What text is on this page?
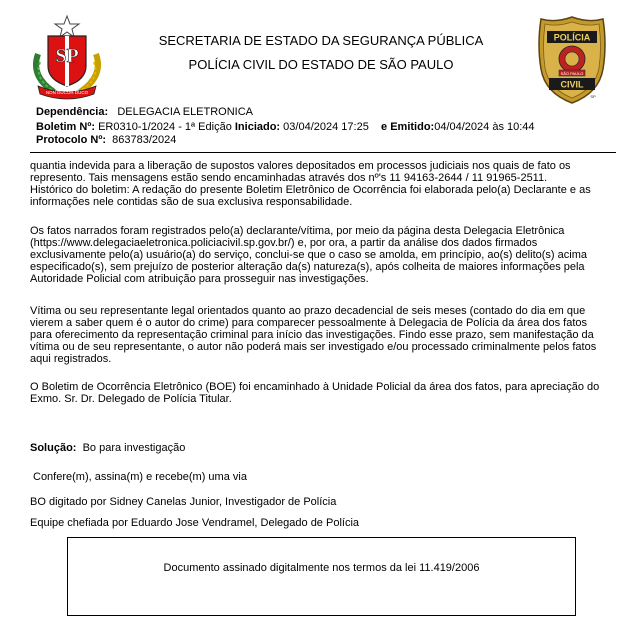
SP
NON DUCOR DUCO
SECRETARIA DE ESTADO DA SEGURANÇA PÚBLICA
POLÍCIA CIVIL DO ESTADO DE SÃO PAULO
POLÍCIA
SÃO PAULO
CIVIL
SP
Dependência: DELEGACIA ELETRONICA
Boletim Nº: ER0310-1/2024 - 1ª Edição Iniciado: 03/04/2024 17:25 e Emitido:04/04/2024 às 10:44
Protocolo Nº: 863783/2024
quantia indevida para a liberação de supostos valores depositados em processos judiciais nos quais de fato os
represento. Tais mensagens estão sendo encaminhadas através dos nº's 11 94163-2644 / 11 91965-2511.
Histórico do boletim: A redação do presente Boletim Eletrônico de Ocorrência foi elaborada pelo(a) Declarante e as
informações nele contidas são de sua exclusiva responsabilidade.
Os fatos narrados foram registrados pelo(a) declarante/vítima, por meio da página desta Delegacia Eletrônica
(https://www.delegaciaeletronica.policiacivil.sp.gov.br/) e, por ora, a partir da análise dos dados firmados
exclusivamente pelo(a) usuário(a) do serviço, conclui-se que o caso se amolda, em princípio, ao(s) delito(s) acima
especificado(s), sem prejuízo de posterior alteração da(s) natureza(s), após colheita de maiores informações pela
Autoridade Policial com atribuição para prosseguir nas investigações.
Vítima ou seu representante legal orientados quanto ao prazo decadencial de seis meses (contado do dia em que
vierem a saber quem é o autor do crime) para comparecer pessoalmente à Delegacia de Polícia da área dos fatos
para oferecimento da representação criminal para início das investigações. Findo esse prazo, sem manifestação da
vítima ou de seu representante, o autor não poderá mais ser investigado e/ou processado criminalmente pelos fatos
aqui registrados.
O Boletim de Ocorrência Eletrônico (BOE) foi encaminhado à Unidade Policial da área dos fatos, para apreciação do
Exmo. Sr. Dr. Delegado de Polícia Titular.
Solução: Bo para investigação
Confere(m), assina(m) e recebe(m) uma via
BO digitado por Sidney Canelas Junior, Investigador de Polícia
Equipe chefiada por Eduardo Jose Vendramel, Delegado de Polícia
Documento assinado digitalmente nos termos da lei 11.419/2006
